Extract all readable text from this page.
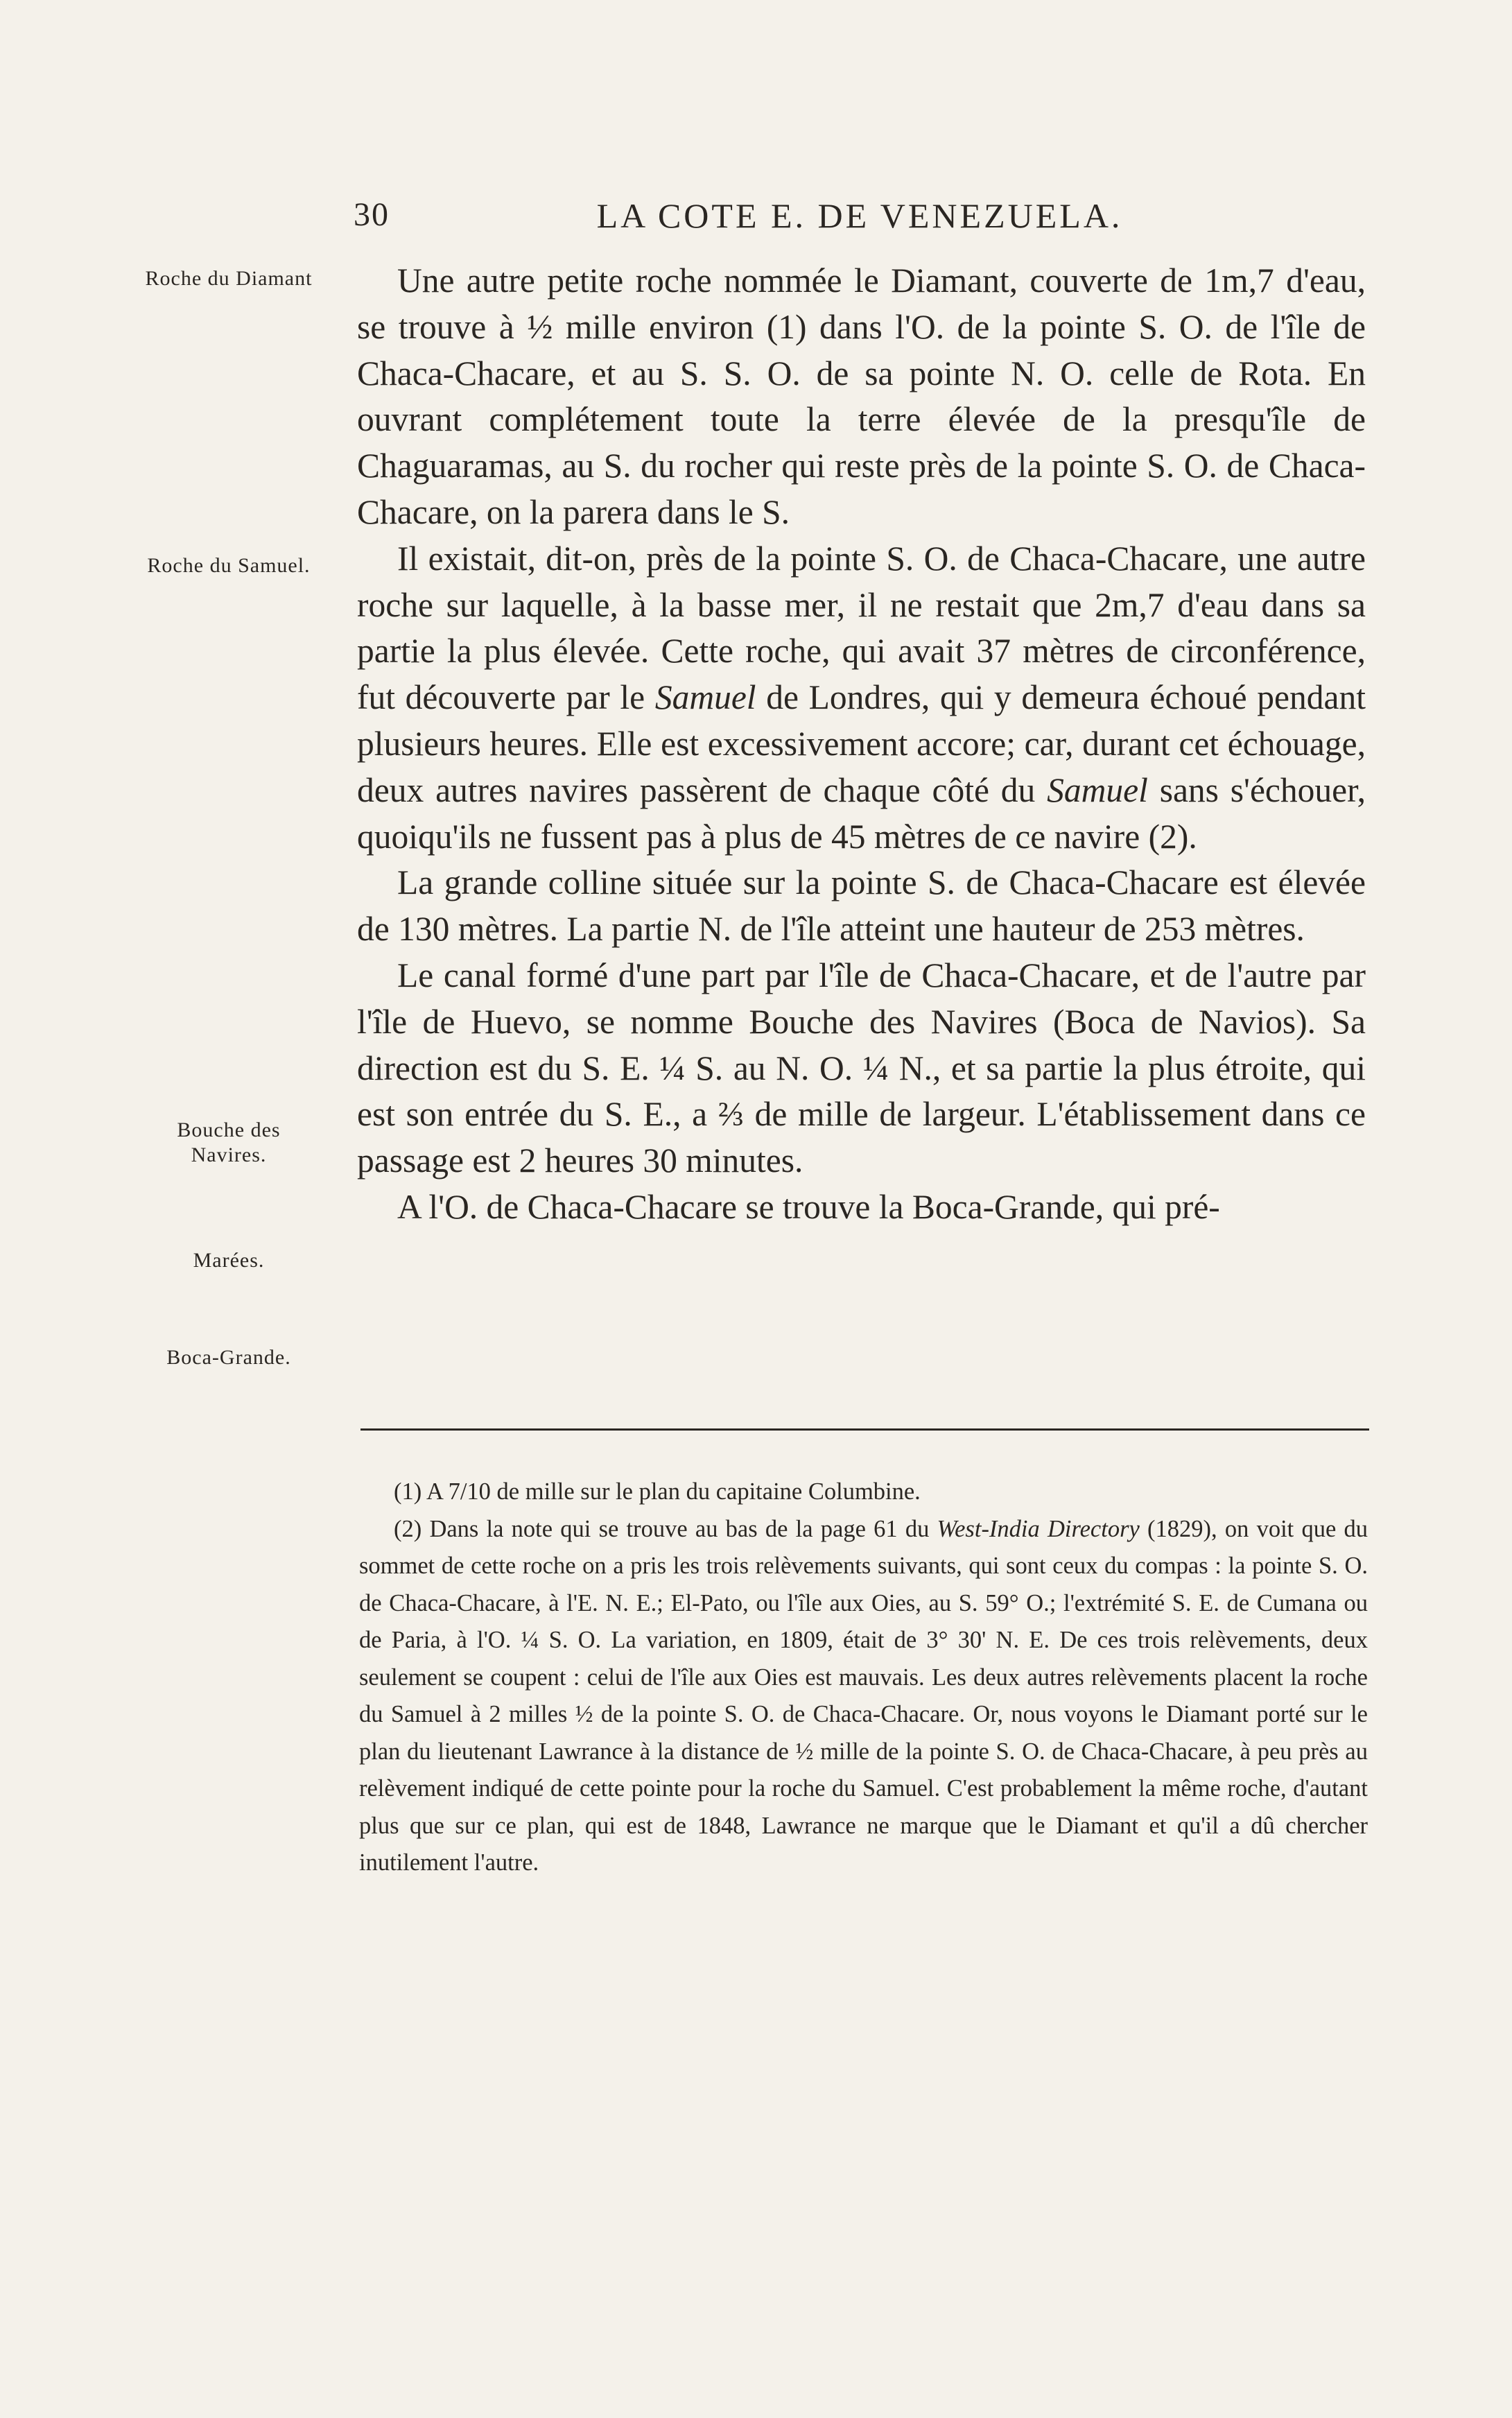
30	LA COTE E. DE VENEZUELA.
Roche du Diamant
Roche du Samuel.
Bouche des Navires.
Marées.
Boca-Grande.

Une autre petite roche nommée le Diamant, couverte de 1m,7 d'eau, se trouve à ½ mille environ (1) dans l'O. de la pointe S. O. de l'île de Chaca-Chacare, et au S. S. O. de sa pointe N. O. celle de Rota. En ouvrant complétement toute la terre élevée de la presqu'île de Chaguaramas, au S. du rocher qui reste près de la pointe S. O. de Chaca-Chacare, on la parera dans le S.

Il existait, dit-on, près de la pointe S. O. de Chaca-Chacare, une autre roche sur laquelle, à la basse mer, il ne restait que 2m,7 d'eau dans sa partie la plus élevée. Cette roche, qui avait 37 mètres de circonférence, fut découverte par le Samuel de Londres, qui y demeura échoué pendant plusieurs heures. Elle est excessivement accore; car, durant cet échouage, deux autres navires passèrent de chaque côté du Samuel sans s'échouer, quoiqu'ils ne fussent pas à plus de 45 mètres de ce navire (2).

La grande colline située sur la pointe S. de Chaca-Chacare est élevée de 130 mètres. La partie N. de l'île atteint une hauteur de 253 mètres.

Le canal formé d'une part par l'île de Chaca-Chacare, et de l'autre par l'île de Huevo, se nomme Bouche des Navires (Boca de Navios). Sa direction est du S. E. ¼ S. au N. O. ¼ N., et sa partie la plus étroite, qui est son entrée du S. E., a ⅔ de mille de largeur. L'établissement dans ce passage est 2 heures 30 minutes.

A l'O. de Chaca-Chacare se trouve la Boca-Grande, qui pré-

(1) A 7/10 de mille sur le plan du capitaine Columbine.

(2) Dans la note qui se trouve au bas de la page 61 du West-India Directory (1829), on voit que du sommet de cette roche on a pris les trois relèvements suivants, qui sont ceux du compas : la pointe S. O. de Chaca-Chacare, à l'E. N. E.; El-Pato, ou l'île aux Oies, au S. 59° O.; l'extrémité S. E. de Cumana ou de Paria, à l'O. ¼ S. O. La variation, en 1809, était de 3° 30' N. E. De ces trois relèvements, deux seulement se coupent : celui de l'île aux Oies est mauvais. Les deux autres relèvements placent la roche du Samuel à 2 milles ½ de la pointe S. O. de Chaca-Chacare. Or, nous voyons le Diamant porté sur le plan du lieutenant Lawrance à la distance de ½ mille de la pointe S. O. de Chaca-Chacare, à peu près au relèvement indiqué de cette pointe pour la roche du Samuel. C'est probablement la même roche, d'autant plus que sur ce plan, qui est de 1848, Lawrance ne marque que le Diamant et qu'il a dû chercher inutilement l'autre.
